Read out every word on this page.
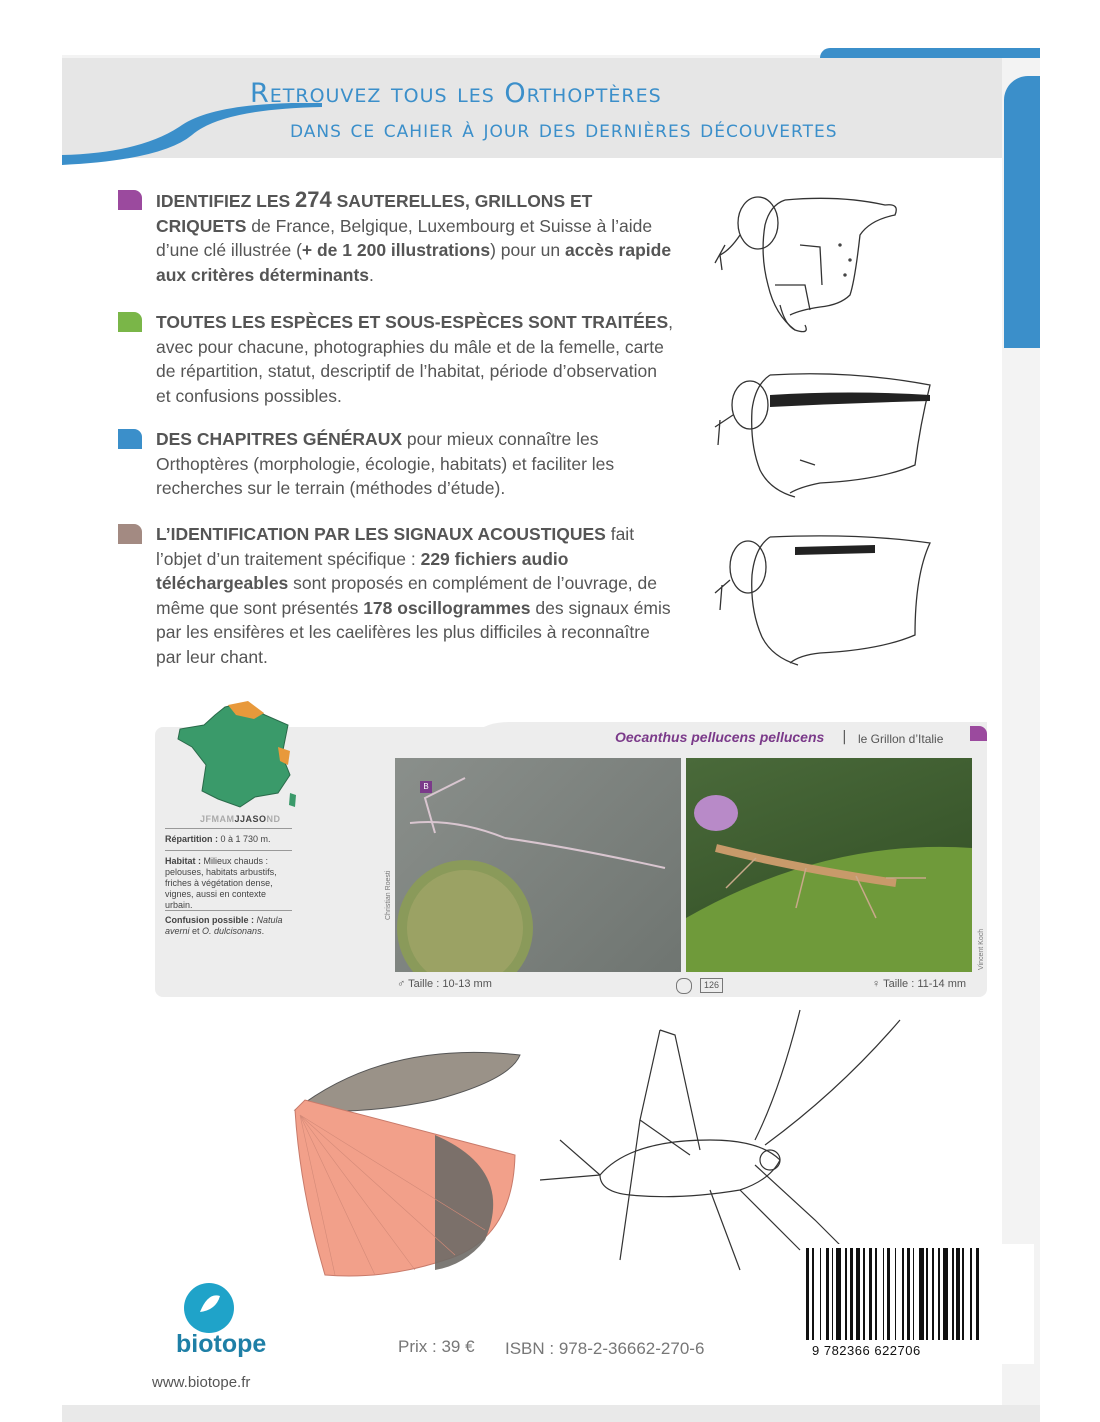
Retrouvez tous les Orthoptères
dans ce cahier à jour des dernières découvertes
IDENTIFIEZ LES 274 SAUTERELLES, GRILLONS ET CRIQUETS de France, Belgique, Luxembourg et Suisse à l’aide d’une clé illustrée (+ de 1 200 illustrations) pour un accès rapide aux critères déterminants.
TOUTES LES ESPÈCES ET SOUS-ESPÈCES SONT TRAITÉES, avec pour chacune, photographies du mâle et de la femelle, carte de répartition, statut, descriptif de l’habitat, période d’observation et confusions possibles.
DES CHAPITRES GÉNÉRAUX pour mieux connaître les Orthoptères (morphologie, écologie, habitats) et faciliter les recherches sur le terrain (méthodes d’étude).
L’IDENTIFICATION PAR LES SIGNAUX ACOUSTIQUES fait l’objet d’un traitement spécifique : 229 fichiers audio téléchargeables sont proposés en complément de l’ouvrage, de même que sont présentés 178 oscillogrammes des signaux émis par les ensifères et les caelifères les plus difficiles à reconnaître par leur chant.
Oecanthus pellucens pellucens | le Grillon d’Italie
JFMAMJJASOND
Répartition : 0 à 1 730 m.
Habitat : Milieux chauds : pelouses, habitats arbustifs, friches à végétation dense, vignes, aussi en contexte urbain.
Confusion possible : Natula averni et O. dulcisonans.
B
Christian Roesti
Vincent Koch
♂ Taille : 10-13 mm	126	♀ Taille : 11-14 mm
9 782366 622706
Prix : 39 € ISBN : 978-2-36662-270-6
biotope
www.biotope.fr
